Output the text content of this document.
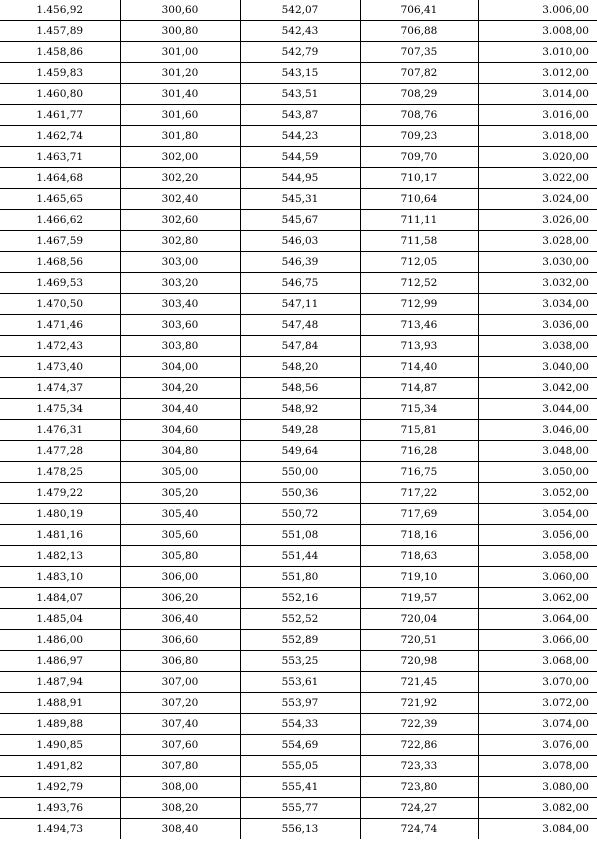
1.456,92	300,60	542,07	706,41	3.006,00
1.457,89	300,80	542,43	706,88	3.008,00
1.458,86	301,00	542,79	707,35	3.010,00
1.459,83	301,20	543,15	707,82	3.012,00
1.460,80	301,40	543,51	708,29	3.014,00
1.461,77	301,60	543,87	708,76	3.016,00
1.462,74	301,80	544,23	709,23	3.018,00
1.463,71	302,00	544,59	709,70	3.020,00
1.464,68	302,20	544,95	710,17	3.022,00
1.465,65	302,40	545,31	710,64	3.024,00
1.466,62	302,60	545,67	711,11	3.026,00
1.467,59	302,80	546,03	711,58	3.028,00
1.468,56	303,00	546,39	712,05	3.030,00
1.469,53	303,20	546,75	712,52	3.032,00
1.470,50	303,40	547,11	712,99	3.034,00
1.471,46	303,60	547,48	713,46	3.036,00
1.472,43	303,80	547,84	713,93	3.038,00
1.473,40	304,00	548,20	714,40	3.040,00
1.474,37	304,20	548,56	714,87	3.042,00
1.475,34	304,40	548,92	715,34	3.044,00
1.476,31	304,60	549,28	715,81	3.046,00
1.477,28	304,80	549,64	716,28	3.048,00
1.478,25	305,00	550,00	716,75	3.050,00
1.479,22	305,20	550,36	717,22	3.052,00
1.480,19	305,40	550,72	717,69	3.054,00
1.481,16	305,60	551,08	718,16	3.056,00
1.482,13	305,80	551,44	718,63	3.058,00
1.483,10	306,00	551,80	719,10	3.060,00
1.484,07	306,20	552,16	719,57	3.062,00
1.485,04	306,40	552,52	720,04	3.064,00
1.486,00	306,60	552,89	720,51	3.066,00
1.486,97	306,80	553,25	720,98	3.068,00
1.487,94	307,00	553,61	721,45	3.070,00
1.488,91	307,20	553,97	721,92	3.072,00
1.489,88	307,40	554,33	722,39	3.074,00
1.490,85	307,60	554,69	722,86	3.076,00
1.491,82	307,80	555,05	723,33	3.078,00
1.492,79	308,00	555,41	723,80	3.080,00
1.493,76	308,20	555,77	724,27	3.082,00
1.494,73	308,40	556,13	724,74	3.084,00
